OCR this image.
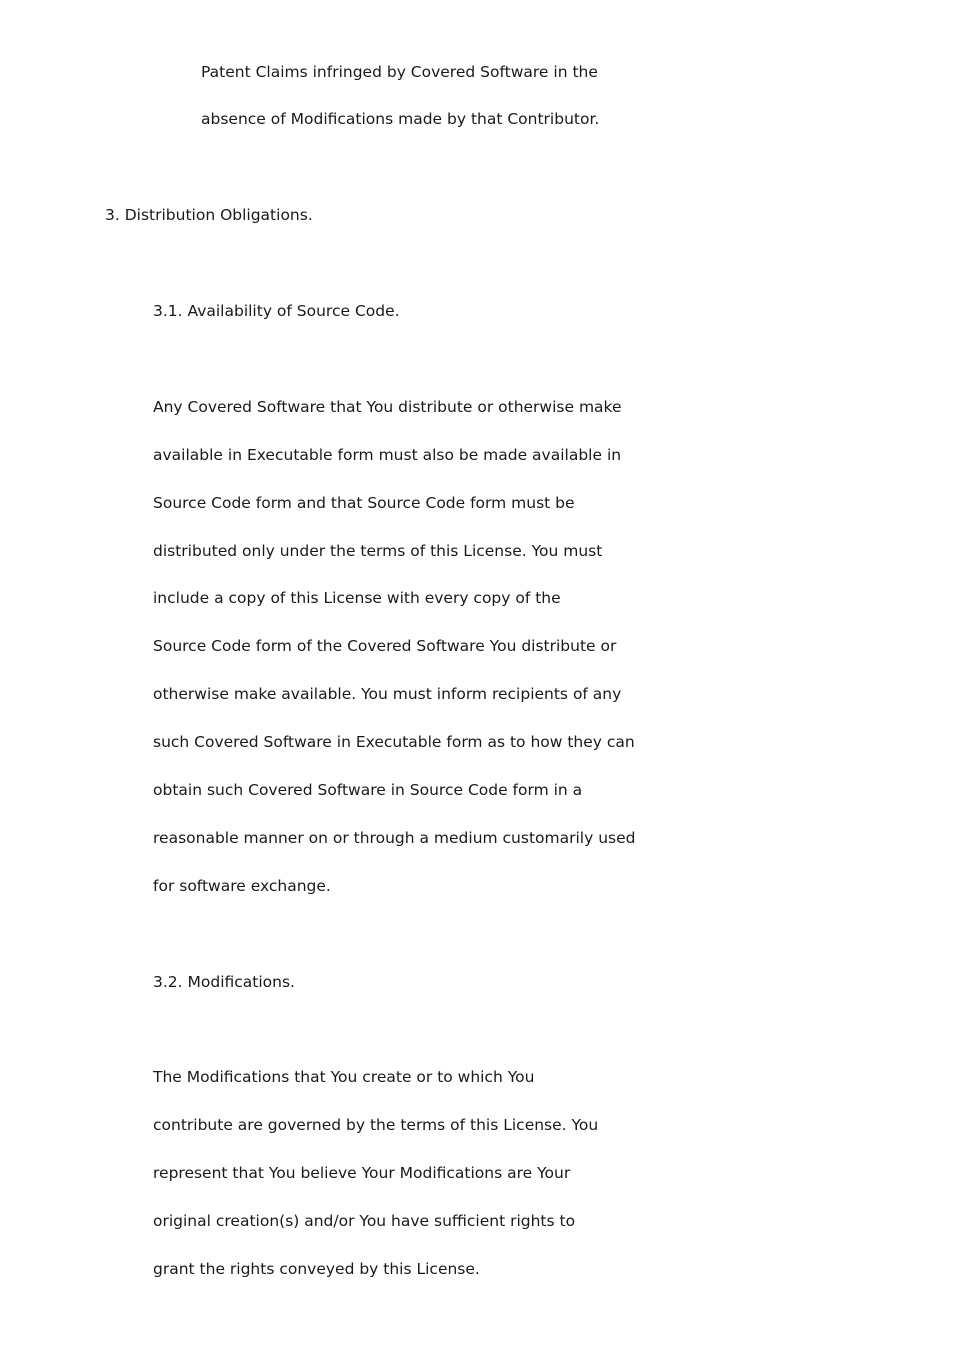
Patent Claims infringed by Covered Software in the
absence of Modifications made by that Contributor.
3. Distribution Obligations.
3.1. Availability of Source Code.
Any Covered Software that You distribute or otherwise make
available in Executable form must also be made available in
Source Code form and that Source Code form must be
distributed only under the terms of this License. You must
include a copy of this License with every copy of the
Source Code form of the Covered Software You distribute or
otherwise make available. You must inform recipients of any
such Covered Software in Executable form as to how they can
obtain such Covered Software in Source Code form in a
reasonable manner on or through a medium customarily used
for software exchange.
3.2. Modifications.
The Modifications that You create or to which You
contribute are governed by the terms of this License. You
represent that You believe Your Modifications are Your
original creation(s) and/or You have sufficient rights to
grant the rights conveyed by this License.
